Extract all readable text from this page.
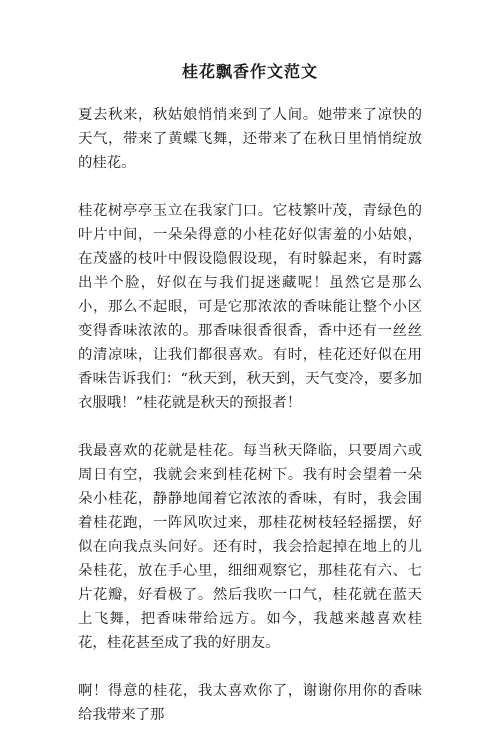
桂花飘香作文范文

夏去秋来，秋姑娘悄悄来到了人间。她带来了凉快的天气，带来了黄蝶飞舞，还带来了在秋日里悄悄绽放的桂花。

桂花树亭亭玉立在我家门口。它枝繁叶茂，青绿色的叶片中间，一朵朵得意的小桂花好似害羞的小姑娘，在茂盛的枝叶中假设隐假设现，有时躲起来，有时露出半个脸，好似在与我们捉迷藏呢！虽然它是那么小，那么不起眼，可是它那浓浓的香味能让整个小区变得香味浓浓的。那香味很香很香，香中还有一丝丝的清凉味，让我们都很喜欢。有时，桂花还好似在用香味告诉我们：“秋天到，秋天到，天气变冷，要多加衣服哦！”桂花就是秋天的预报者！

我最喜欢的花就是桂花。每当秋天降临，只要周六或周日有空，我就会来到桂花树下。我有时会望着一朵朵小桂花，静静地闻着它浓浓的香味，有时，我会围着桂花跑，一阵风吹过来，那桂花树枝轻轻摇摆，好似在向我点头问好。还有时，我会拾起掉在地上的儿朵桂花，放在手心里，细细观察它，那桂花有六、七片花瓣，好看极了。然后我吹一口气，桂花就在蓝天上飞舞，把香味带给远方。如今，我越来越喜欢桂花，桂花甚至成了我的好朋友。

啊！得意的桂花，我太喜欢你了，谢谢你用你的香味给我带来了那
